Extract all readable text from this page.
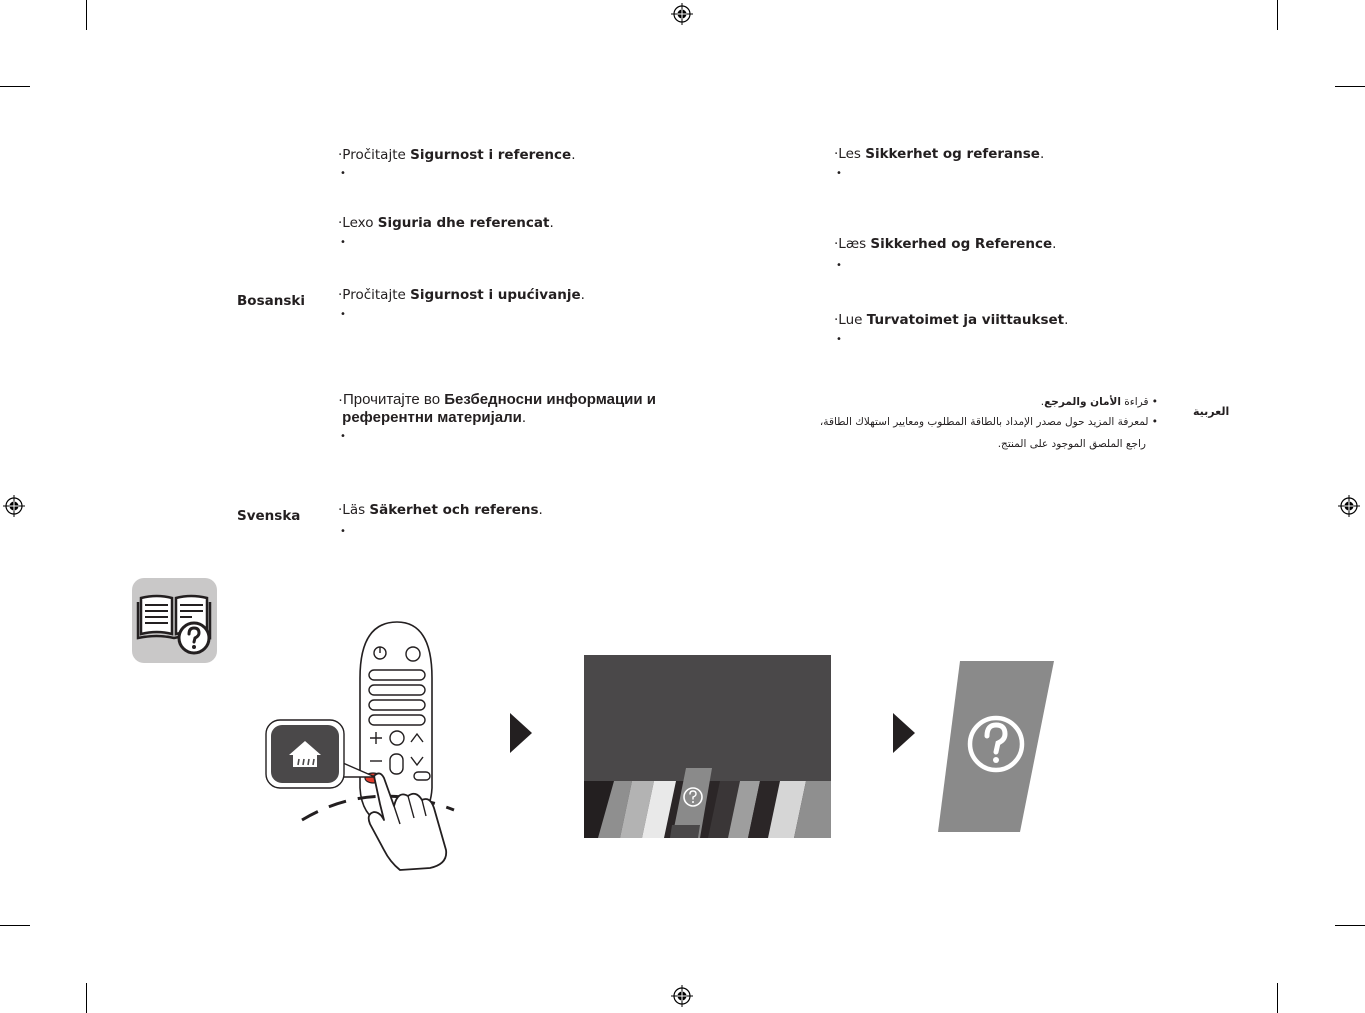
Bosanski
Svenska
العربية
·Pročitajte Sigurnost i reference.
•
·Lexo Siguria dhe referencat.
•
·Pročitajte Sigurnost i upućivanje.
•
·Прочитајте во Безбедносни информации и
референтни материјали.
•
·Läs Säkerhet och referens.
•
·Les Sikkerhet og referanse.
•
·Læs Sikkerhed og Reference.
•
·Lue Turvatoimet ja viittaukset.
•
• قراءة الأمان والمرجع.
• لمعرفة المزيد حول مصدر الإمداد بالطاقة المطلوب ومعايير استهلاك الطاقة،
راجع الملصق الموجود على المنتج.
